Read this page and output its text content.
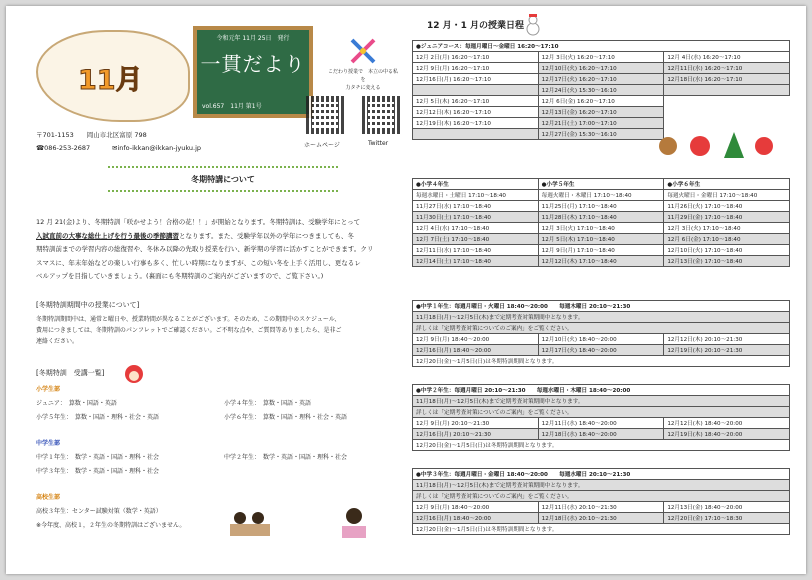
11月
令和元年 11月 25日　発行
一貫だより
vol.657　11月 第1号
こだわり授業で　本立の中る私を
力タチに変える
ホームページ	Twitter
〒701-1153　　岡山市北区富原 798
☎086-253-2687	✉info-ikkan@ikkan-jyuku.jp
冬期特講について
12 月 21(金)より、冬期特訓「咲かせよう！合格の花！！」が開始となります。冬期特訓は、受験学年にとって
入試直前の大事な総仕上げを行う最後の季節講習となります。また、受験学年以外の学年につきましても、冬
期特訓前までの学習内容の総復習や、冬休み以降の先取り授業を行い、新学期の学習に活かすことができます。クリ
スマスに、年末年始などの楽しい行事も多く、忙しい時期になりますが、この短い冬を上手く活用し、更なるレ
ベルアップを目指していきましょう。(裏面にも冬期特訓のご案内がございますので、ご覧下さい。)
[冬期特訓期間中の授業について]
冬期特訓期間中は、通常と曜日や、授業時間が異なることがございます。そのため、この期間中のスケジュール、
費用につきましては、冬期特訓のパンフレットでご確認ください。ご不明な点や、ご質問等ありましたら、是非ご
連絡ください。
[冬期特訓　受講一覧]
小学生部
ジュニア：　算数・国語・英語	小学４年生：　算数・国語・英語
小学５年生：　算数・国語・理科・社会・英語	小学６年生：　算数・国語・理科・社会・英語
中学生部
中学１年生：　数学・英語・国語・理科・社会	中学２年生：　数学・英語・国語・理科・社会
中学３年生：　数学・英語・国語・理科・社会
高校生部
高校３年生：センター試験対策（数学・英語）
※今年度、高校１，２年生の冬期特訓はございません。
12 月・1 月の授業日程
●ジュニアコース：毎週月曜日～金曜日 16:20～17:10		
12月 2日(月) 16:20～17:10	12月 3日(火) 16:20～17:10	12月 4日(水) 16:20～17:10
12月 9日(月) 16:20～17:10	12月10日(火) 16:20～17:10	12月11日(水) 16:20～17:10
12月16日(月) 16:20～17:10	12月17日(火) 16:20～17:10	12月18日(水) 16:20～17:10
	12月24日(火) 15:30～16:10	
12月 5日(木) 16:20～17:10	12月 6日(金) 16:20～17:10	
12月12日(木) 16:20～17:10	12月13日(金) 16:20～17:10	
12月19日(木) 16:20～17:10	12月21日(土) 17:00～17:10	
	12月27日(金) 15:30～16:10	
●小学４年生	●小学５年生	●小学６年生
毎週水曜日・土曜日 17:10～18:40	毎週火曜日・木曜日 17:10～18:40	毎週火曜日・金曜日 17:10～18:40
11月27日(水) 17:10～18:40	11月25日(月) 17:10～18:40	11月26日(火) 17:10～18:40
11月30日(土) 17:10～18:40	11月28日(木) 17:10～18:40	11月29日(金) 17:10～18:40
12月 4日(水) 17:10～18:40	12月 3日(火) 17:10～18:40	12月 3日(火) 17:10～18:40
12月 7日(土) 17:10～18:40	12月 5日(木) 17:10～18:40	12月 6日(金) 17:10～18:40
12月11日(水) 17:10～18:40	12月 9日(月) 17:10～18:40	12月10日(火) 17:10～18:40
12月14日(土) 17:10～18:40	12月12日(木) 17:10～18:40	12月13日(金) 17:10～18:40
●中学１年生：毎週月曜日・火曜日 18:40～20:00　　毎週木曜日 20:10～21:30		
11月18日(月)～12月5日(木)まで定期考査対策期間中となります。		
詳しくは「定期考査対策についてのご案内」をご覧ください。		
12月 9日(月) 18:40～20:00	12月10日(火) 18:40～20:00	12月12日(木) 20:10～21:30
12月16日(月) 18:40～20:00	12月17日(火) 18:40～20:00	12月19日(木) 20:10～21:30
12月20日(金)～1月5日(日)は冬期特訓期間となります。		
●中学２年生：毎週月曜日 20:10～21:30　　毎週水曜日・木曜日 18:40～20:00		
11月18日(月)～12月5日(木)まで定期考査対策期間中となります。		
詳しくは「定期考査対策についてのご案内」をご覧ください。		
12月 9日(月) 20:10～21:30	12月11日(水) 18:40～20:00	12月12日(木) 18:40～20:00
12月16日(月) 20:10～21:30	12月18日(水) 18:40～20:00	12月19日(木) 18:40～20:00
12月20日(金)～1月5日(日)は冬期特訓期間となります。		
●中学３年生：毎週月曜日・金曜日 18:40～20:00　　毎週水曜日 20:10～21:30		
11月18日(月)～12月5日(木)まで定期考査対策期間中となります。		
詳しくは「定期考査対策についてのご案内」をご覧ください。		
12月 9日(月) 18:40～20:00	12月11日(水) 20:10～21:30	12月13日(金) 18:40～20:00
12月16日(月) 18:40～20:00	12月18日(水) 20:10～21:30	12月20日(金) 17:10～18:30
12月20日(金)～1月5日(日)は冬期特訓期間となります。		
